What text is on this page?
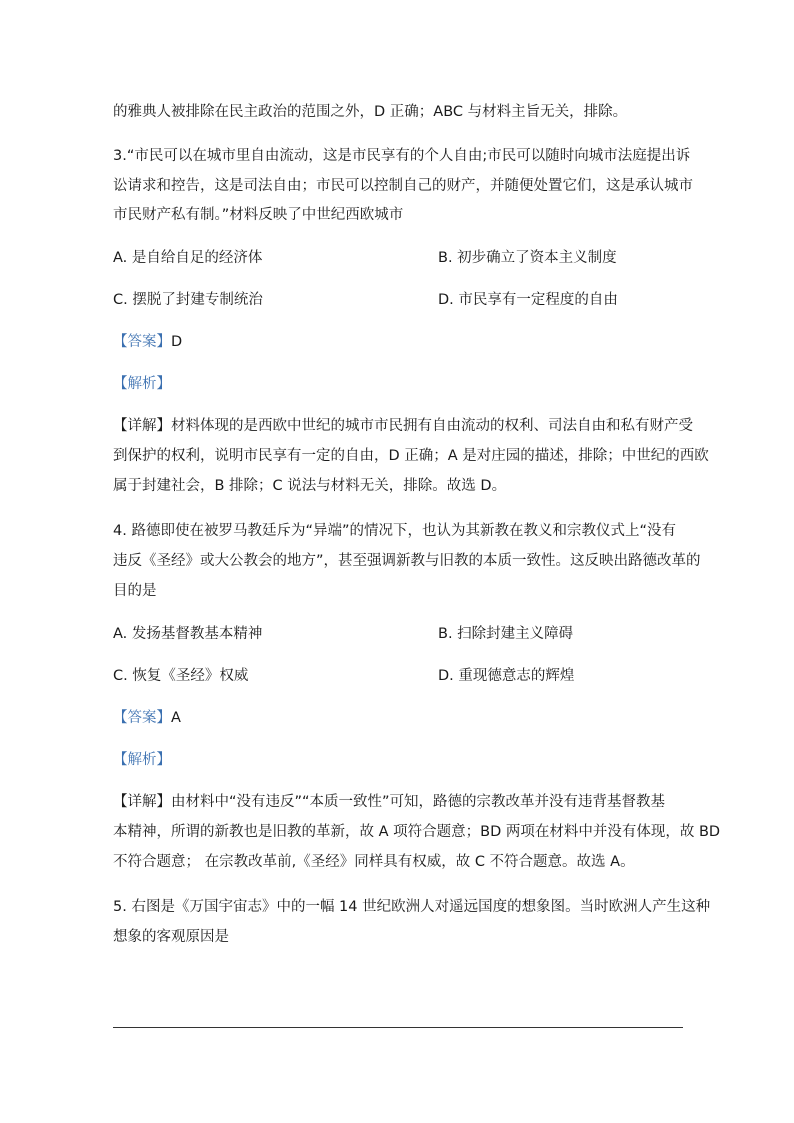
的雅典人被排除在民主政治的范围之外，D 正确；ABC 与材料主旨无关，排除。
3.“市民可以在城市里自由流动，这是市民享有的个人自由;市民可以随时向城市法庭提出诉
讼请求和控告，这是司法自由；市民可以控制自己的财产，并随便处置它们，这是承认城市
市民财产私有制。”材料反映了中世纪西欧城市
A. 是自给自足的经济体	B. 初步确立了资本主义制度
C. 摆脱了封建专制统治	D. 市民享有一定程度的自由
【答案】D
【解析】
【详解】材料体现的是西欧中世纪的城市市民拥有自由流动的权利、司法自由和私有财产受
到保护的权利，说明市民享有一定的自由，D 正确；A 是对庄园的描述，排除；中世纪的西欧
属于封建社会，B 排除；C 说法与材料无关，排除。故选 D。
4. 路德即使在被罗马教廷斥为“异端”的情况下，也认为其新教在教义和宗教仪式上“没有
违反《圣经》或大公教会的地方”，甚至强调新教与旧教的本质一致性。这反映出路德改革的
目的是
A. 发扬基督教基本精神	B. 扫除封建主义障碍
C. 恢复《圣经》权威	D. 重现德意志的辉煌
【答案】A
【解析】
【详解】由材料中“没有违反”“本质一致性”可知，路德的宗教改革并没有违背基督教基
本精神，所谓的新教也是旧教的革新，故 A 项符合题意；BD 两项在材料中并没有体现，故 BD
不符合题意； 在宗教改革前,《圣经》同样具有权威，故 C 不符合题意。故选 A。
5. 右图是《万国宇宙志》中的一幅 14 世纪欧洲人对遥远国度的想象图。当时欧洲人产生这种
想象的客观原因是
